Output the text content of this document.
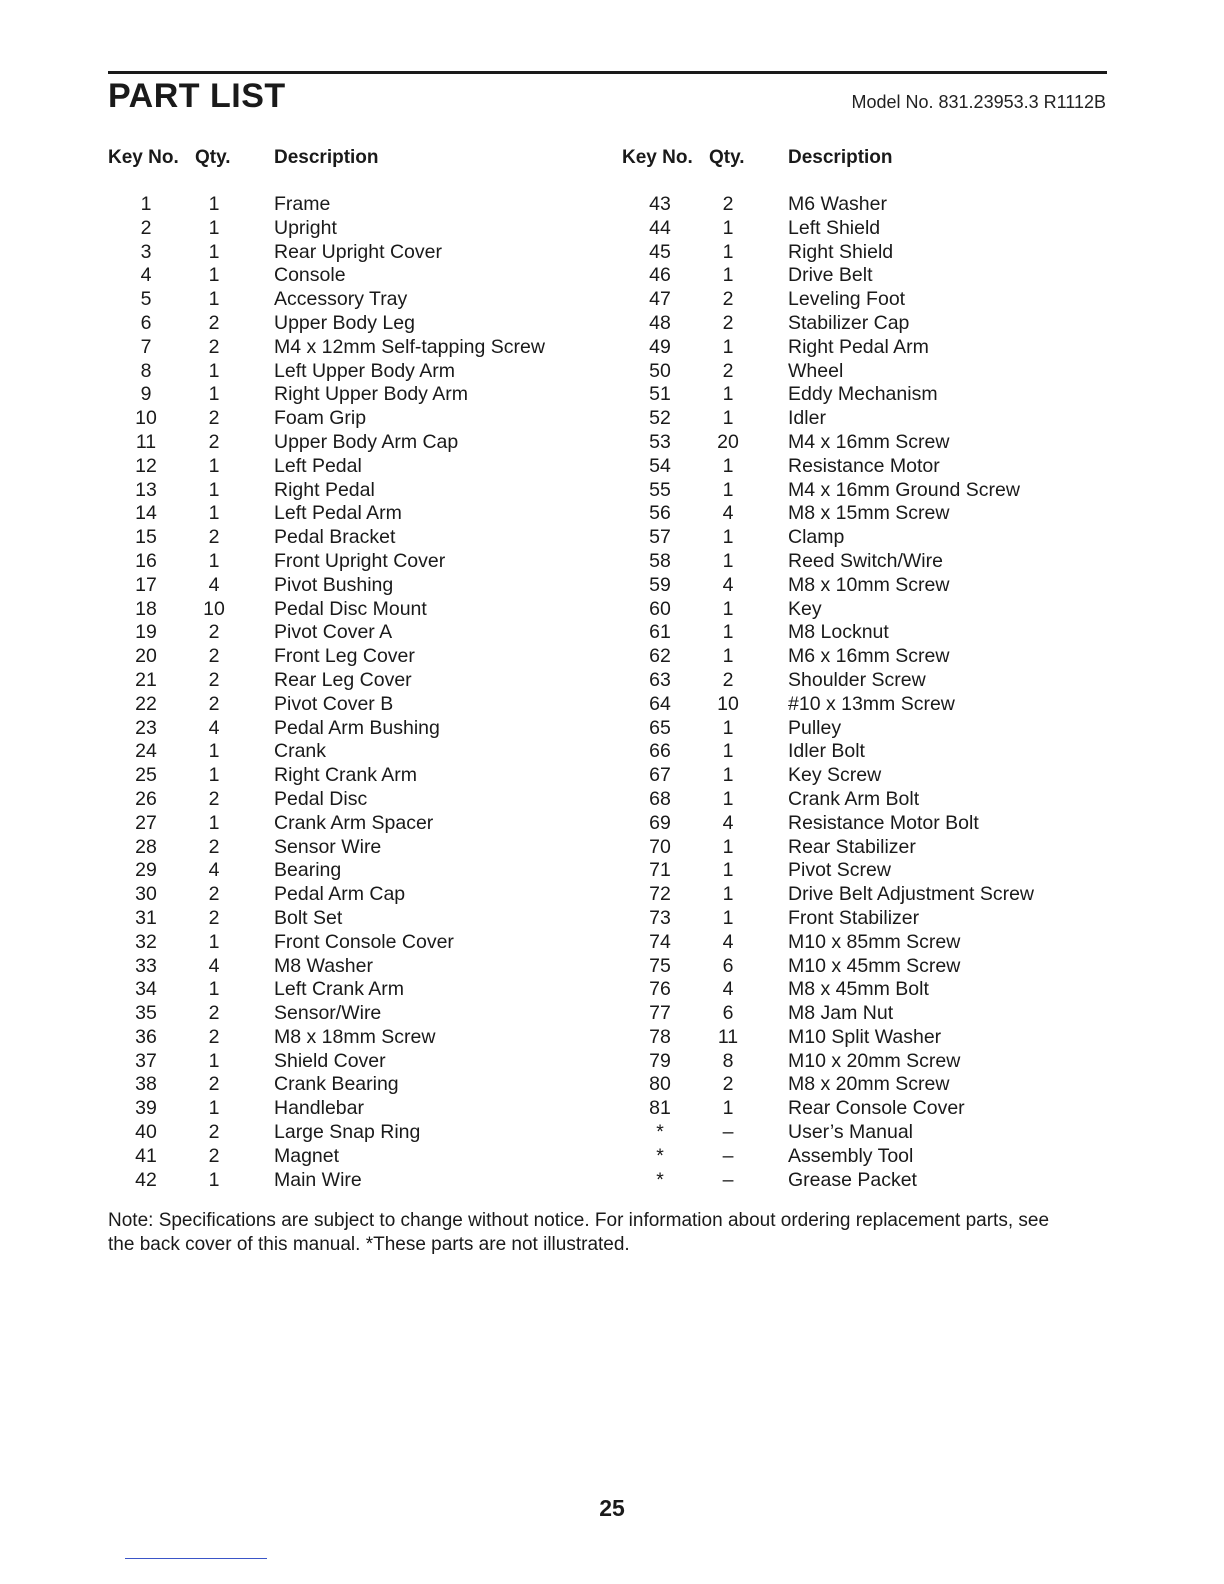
PART LIST	Model No. 831.23953.3 R1112B
Key No. Qty. Description
1	1	Frame
2	1	Upright
3	1	Rear Upright Cover
4	1	Console
5	1	Accessory Tray
6	2	Upper Body Leg
7	2	M4 x 12mm Self-tapping Screw
8	1	Left Upper Body Arm
9	1	Right Upper Body Arm
10	2	Foam Grip
11	2	Upper Body Arm Cap
12	1	Left Pedal
13	1	Right Pedal
14	1	Left Pedal Arm
15	2	Pedal Bracket
16	1	Front Upright Cover
17	4	Pivot Bushing
18	10	Pedal Disc Mount
19	2	Pivot Cover A
20	2	Front Leg Cover
21	2	Rear Leg Cover
22	2	Pivot Cover B
23	4	Pedal Arm Bushing
24	1	Crank
25	1	Right Crank Arm
26	2	Pedal Disc
27	1	Crank Arm Spacer
28	2	Sensor Wire
29	4	Bearing
30	2	Pedal Arm Cap
31	2	Bolt Set
32	1	Front Console Cover
33	4	M8 Washer
34	1	Left Crank Arm
35	2	Sensor/Wire
36	2	M8 x 18mm Screw
37	1	Shield Cover
38	2	Crank Bearing
39	1	Handlebar
40	2	Large Snap Ring
41	2	Magnet
42	1	Main Wire
Key No. Qty. Description
43	2	M6 Washer
44	1	Left Shield
45	1	Right Shield
46	1	Drive Belt
47	2	Leveling Foot
48	2	Stabilizer Cap
49	1	Right Pedal Arm
50	2	Wheel
51	1	Eddy Mechanism
52	1	Idler
53	20	M4 x 16mm Screw
54	1	Resistance Motor
55	1	M4 x 16mm Ground Screw
56	4	M8 x 15mm Screw
57	1	Clamp
58	1	Reed Switch/Wire
59	4	M8 x 10mm Screw
60	1	Key
61	1	M8 Locknut
62	1	M6 x 16mm Screw
63	2	Shoulder Screw
64	10	#10 x 13mm Screw
65	1	Pulley
66	1	Idler Bolt
67	1	Key Screw
68	1	Crank Arm Bolt
69	4	Resistance Motor Bolt
70	1	Rear Stabilizer
71	1	Pivot Screw
72	1	Drive Belt Adjustment Screw
73	1	Front Stabilizer
74	4	M10 x 85mm Screw
75	6	M10 x 45mm Screw
76	4	M8 x 45mm Bolt
77	6	M8 Jam Nut
78	11	M10 Split Washer
79	8	M10 x 20mm Screw
80	2	M8 x 20mm Screw
81	1	Rear Console Cover
*	–	User’s Manual
*	–	Assembly Tool
*	–	Grease Packet
Note: Specifications are subject to change without notice. For information about ordering replacement parts, see
the back cover of this manual. *These parts are not illustrated.
25
